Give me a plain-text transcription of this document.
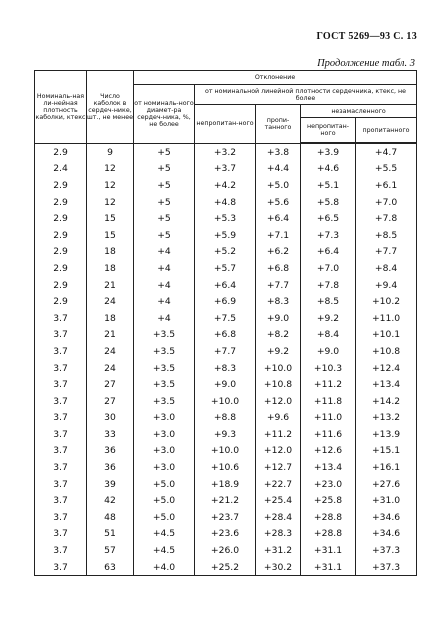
ГОСТ 5269—93 С. 13
Продолжение табл. 3
Номиналь-ная ли-нейная плотность каболки, ктекс	Число каболок в сердеч-нике, шт., не менее	Отклонение				
		от номиналь-ного диамет-ра сердеч-ника, %, не более	от номинальной линейной плотности сердечника, ктекс, не более			
			непропитан-ного	пропи-танного	незамасленного	
					непропитан-ного	пропитанного
2.9	9	+5	+3.2	+3.8	+3.9	+4.7
2.4	12	+5	+3.7	+4.4	+4.6	+5.5
2.9	12	+5	+4.2	+5.0	+5.1	+6.1
2.9	12	+5	+4.8	+5.6	+5.8	+7.0
2.9	15	+5	+5.3	+6.4	+6.5	+7.8
2.9	15	+5	+5.9	+7.1	+7.3	+8.5
2.9	18	+4	+5.2	+6.2	+6.4	+7.7
2.9	18	+4	+5.7	+6.8	+7.0	+8.4
2.9	21	+4	+6.4	+7.7	+7.8	+9.4
2.9	24	+4	+6.9	+8.3	+8.5	+10.2
3.7	18	+4	+7.5	+9.0	+9.2	+11.0
3.7	21	+3.5	+6.8	+8.2	+8.4	+10.1
3.7	24	+3.5	+7.7	+9.2	+9.0	+10.8
3.7	24	+3.5	+8.3	+10.0	+10.3	+12.4
3.7	27	+3.5	+9.0	+10.8	+11.2	+13.4
3.7	27	+3.5	+10.0	+12.0	+11.8	+14.2
3.7	30	+3.0	+8.8	+9.6	+11.0	+13.2
3.7	33	+3.0	+9.3	+11.2	+11.6	+13.9
3.7	36	+3.0	+10.0	+12.0	+12.6	+15.1
3.7	36	+3.0	+10.6	+12.7	+13.4	+16.1
3.7	39	+5.0	+18.9	+22.7	+23.0	+27.6
3.7	42	+5.0	+21.2	+25.4	+25.8	+31.0
3.7	48	+5.0	+23.7	+28.4	+28.8	+34.6
3.7	51	+4.5	+23.6	+28.3	+28.8	+34.6
3.7	57	+4.5	+26.0	+31.2	+31.1	+37.3
3.7	63	+4.0	+25.2	+30.2	+31.1	+37.3
